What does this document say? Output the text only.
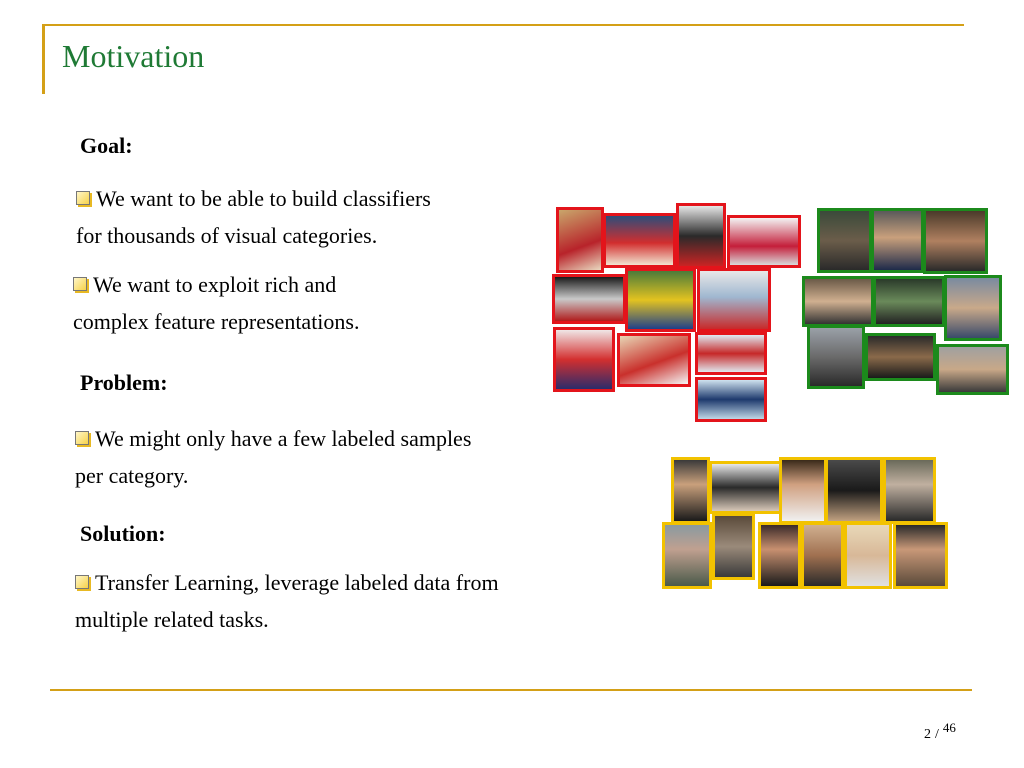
Motivation
Goal:
We want to be able to build classifiers
for thousands of visual categories.
We want to exploit rich and
complex feature representations.
Problem:
We might only have a few labeled samples
per category.
Solution:
Transfer Learning, leverage labeled data from
multiple related tasks.
2 / 46
